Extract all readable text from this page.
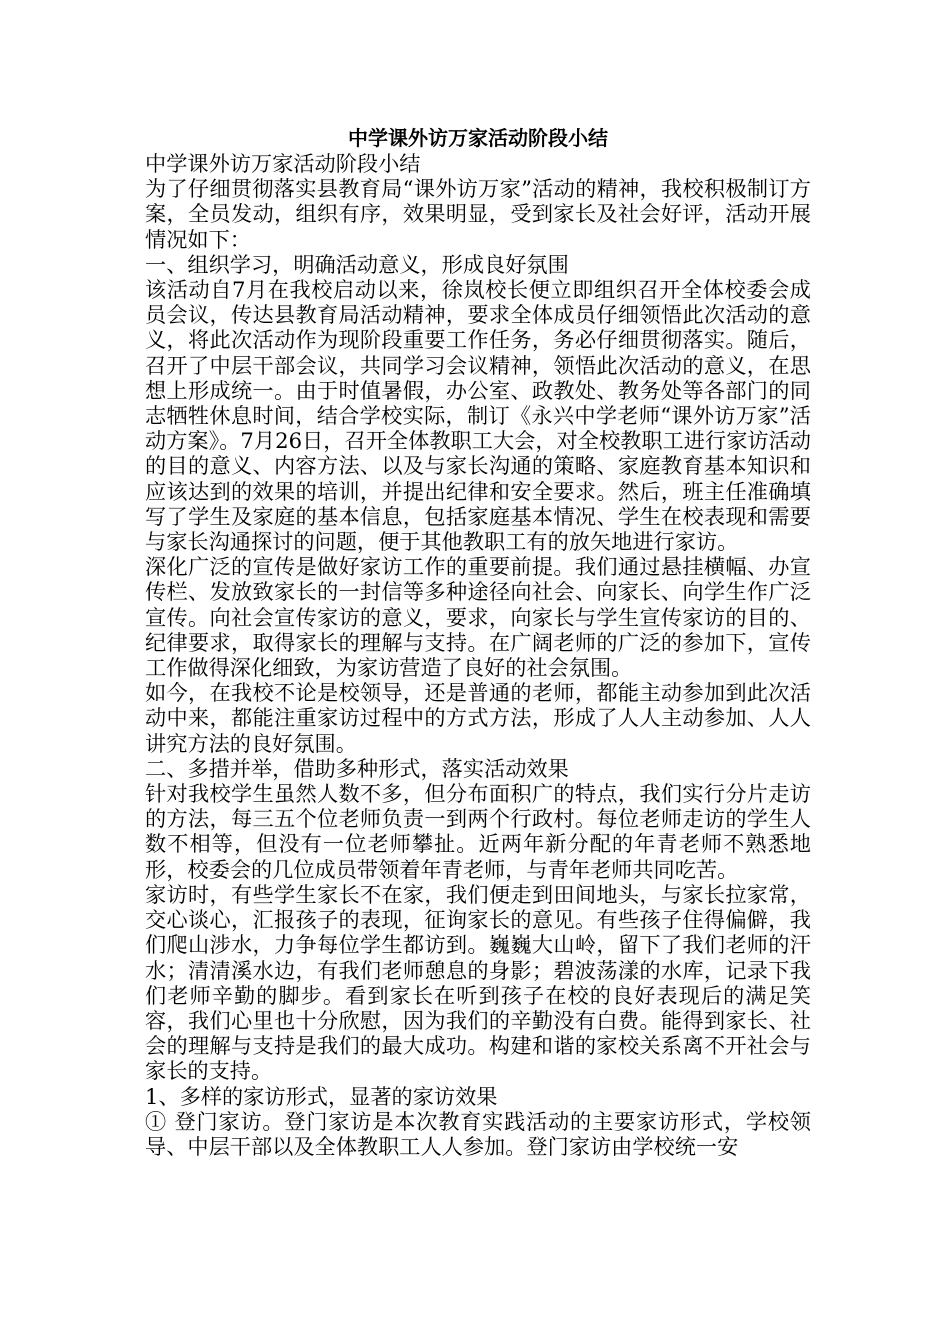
中学课外访万家活动阶段小结

中学课外访万家活动阶段小结

为了仔细贯彻落实县教育局“课外访万家”活动的精神，我校积极制订方案，全员发动，组织有序，效果明显，受到家长及社会好评，活动开展情况如下：

一、组织学习，明确活动意义，形成良好氛围

该活动自7月在我校启动以来，徐岚校长便立即组织召开全体校委会成员会议，传达县教育局活动精神，要求全体成员仔细领悟此次活动的意义，将此次活动作为现阶段重要工作任务，务必仔细贯彻落实。随后，召开了中层干部会议，共同学习会议精神，领悟此次活动的意义，在思想上形成统一。由于时值暑假，办公室、政教处、教务处等各部门的同志牺牲休息时间，结合学校实际，制订《永兴中学老师“课外访万家”活动方案》。7月26日，召开全体教职工大会，对全校教职工进行家访活动的目的意义、内容方法、以及与家长沟通的策略、家庭教育基本知识和应该达到的效果的培训，并提出纪律和安全要求。然后，班主任准确填写了学生及家庭的基本信息，包括家庭基本情况、学生在校表现和需要与家长沟通探讨的问题，便于其他教职工有的放矢地进行家访。

深化广泛的宣传是做好家访工作的重要前提。我们通过悬挂横幅、办宣传栏、发放致家长的一封信等多种途径向社会、向家长、向学生作广泛宣传。向社会宣传家访的意义，要求，向家长与学生宣传家访的目的、纪律要求，取得家长的理解与支持。在广阔老师的广泛的参加下，宣传工作做得深化细致，为家访营造了良好的社会氛围。

如今，在我校不论是校领导，还是普通的老师，都能主动参加到此次活动中来，都能注重家访过程中的方式方法，形成了人人主动参加、人人讲究方法的良好氛围。

二、多措并举，借助多种形式，落实活动效果

针对我校学生虽然人数不多，但分布面积广的特点，我们实行分片走访的方法，每三五个位老师负责一到两个行政村。每位老师走访的学生人数不相等，但没有一位老师攀扯。近两年新分配的年青老师不熟悉地形，校委会的几位成员带领着年青老师，与青年老师共同吃苦。

家访时，有些学生家长不在家，我们便走到田间地头，与家长拉家常，交心谈心，汇报孩子的表现，征询家长的意见。有些孩子住得偏僻，我们爬山涉水，力争每位学生都访到。巍巍大山岭，留下了我们老师的汗水；清清溪水边，有我们老师憩息的身影；碧波荡漾的水库，记录下我们老师辛勤的脚步。看到家长在听到孩子在校的良好表现后的满足笑容，我们心里也十分欣慰，因为我们的辛勤没有白费。能得到家长、社会的理解与支持是我们的最大成功。构建和谐的家校关系离不开社会与家长的支持。

1、多样的家访形式，显著的家访效果

① 登门家访。登门家访是本次教育实践活动的主要家访形式，学校领导、中层干部以及全体教职工人人参加。登门家访由学校统一安
